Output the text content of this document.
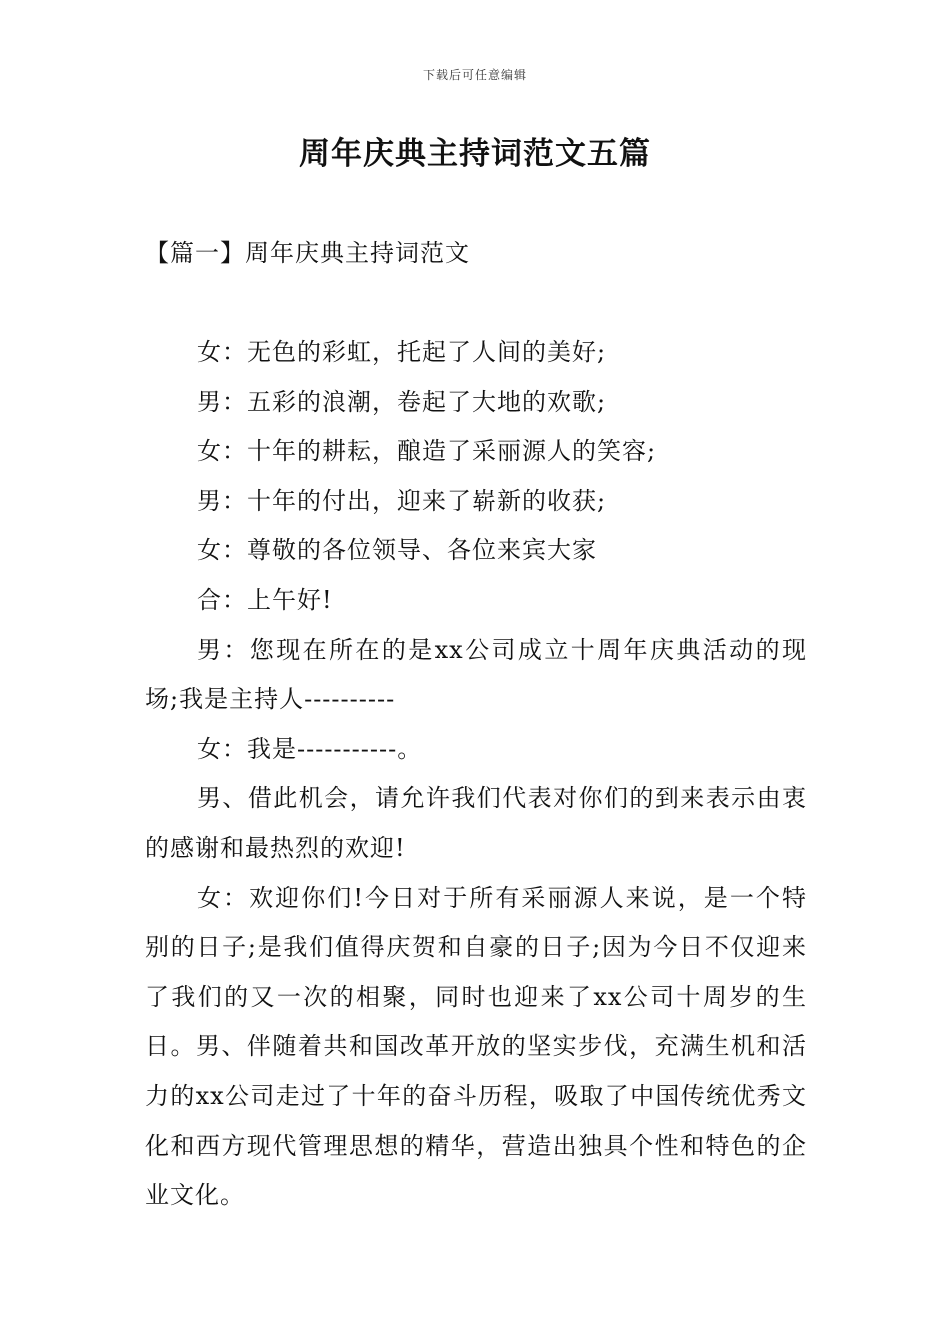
下载后可任意编辑
周年庆典主持词范文五篇
【篇一】周年庆典主持词范文

女：无色的彩虹，托起了人间的美好;

男：五彩的浪潮，卷起了大地的欢歌;

女：十年的耕耘，酿造了采丽源人的笑容;

男：十年的付出，迎来了崭新的收获;

女：尊敬的各位领导、各位来宾大家

合：上午好!

男：您现在所在的是xx公司成立十周年庆典活动的现场;我是主持人----------

女：我是-----------。

男、借此机会，请允许我们代表对你们的到来表示由衷的感谢和最热烈的欢迎!

女：欢迎你们!今日对于所有采丽源人来说，是一个特别的日子;是我们值得庆贺和自豪的日子;因为今日不仅迎来了我们的又一次的相聚，同时也迎来了xx公司十周岁的生日。男、伴随着共和国改革开放的坚实步伐，充满生机和活力的xx公司走过了十年的奋斗历程，吸取了中国传统优秀文化和西方现代管理思想的精华，营造出独具个性和特色的企业文化。
